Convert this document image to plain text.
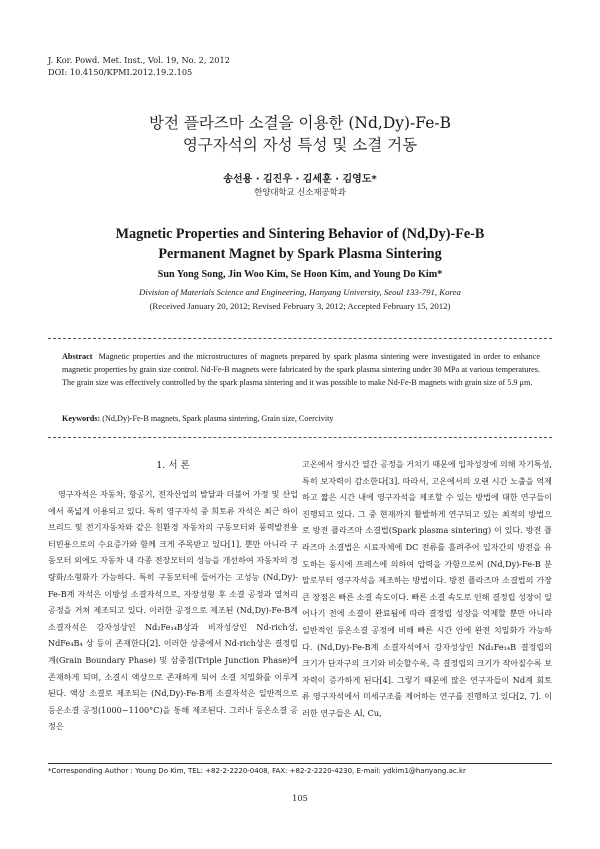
J. Kor. Powd. Met. Inst., Vol. 19, No. 2, 2012
DOI: 10.4150/KPMI.2012.19.2.105
방전 플라즈마 소결을 이용한 (Nd,Dy)-Fe-B
영구자석의 자성 특성 및 소결 거동
송선용 · 김진우 · 김세훈 · 김영도*
한양대학교 신소재공학과
Magnetic Properties and Sintering Behavior of (Nd,Dy)-Fe-B
Permanent Magnet by Spark Plasma Sintering
Sun Yong Song, Jin Woo Kim, Se Hoon Kim, and Young Do Kim*
Division of Materials Science and Engineering, Hanyang University, Seoul 133-791, Korea
(Received January 20, 2012; Revised February 3, 2012; Accepted February 15, 2012)
Abstract Magnetic properties and the microstructures of magnets prepared by spark plasma sintering were investigated in order to enhance magnetic properties by grain size control. Nd-Fe-B magnets were fabricated by the spark plasma sintering under 30 MPa at various temperatures. The grain size was effectively controlled by the spark plasma sintering and it was possible to make Nd-Fe-B magnets with grain size of 5.9 μm.
Keywords: (Nd,Dy)-Fe-B magnets, Spark plasma sintering, Grain size, Coercivity
1. 서 론

영구자석은 자동차, 항공기, 전자산업의 발달과 더불어 가정 및 산업에서 폭넓게 이용되고 있다. 특히 영구자석 중 희토류 자석은 최근 하이브리드 및 전기자동차와 같은 친환경 자동차의 구동모터와 풍력발전용 터빈용으로의 수요증가와 함께 크게 주목받고 있다[1]. 뿐만 아니라 구동모터 외에도 자동차 내 각종 전장모터의 성능을 개선하여 자동차의 경량화/소형화가 가능하다. 특히 구동모터에 들어가는 고성능 (Nd,Dy)-Fe-B계 자석은 이방성 소결자석으로, 자장성형 후 소결 공정과 열처리 공정을 거쳐 제조되고 있다. 이러한 공정으로 제조된 (Nd,Dy)-Fe-B계 소결자석은 강자성상인 Nd₂Fe₁₄B상과 비자성상인 Nd-rich상, NdFe₄B₄ 상 등이 존재한다[2]. 이러한 상중에서 Nd-rich상은 결정립계(Grain Boundary Phase) 및 삼중점(Triple Junction Phase)에 존재하게 되며, 소결시 액상으로 존재하게 되어 소결 치밀화를 이루게 된다. 액상 소결로 제조되는 (Nd,Dy)-Fe-B계 소결자석은 일반적으로 등온소결 공정(1000~1100°C)을 통해 제조된다. 그러나 등온소결 공정은

고온에서 장시간 열간 공정을 거치기 때문에 입자성장에 의해 자기특성, 특히 보자력이 감소한다[3]. 따라서, 고온에서의 오랜 시간 노출을 억제하고 짧은 시간 내에 영구자석을 제조할 수 있는 방법에 대한 연구들이 진행되고 있다. 그 중 현재까지 활발하게 연구되고 있는 최적의 방법으로 방전 플라즈마 소결법(Spark plasma sintering) 이 있다. 방전 플라즈마 소결법은 시료자체에 DC 전류를 흘려주어 입자간의 방전을 유도하는 동시에 프레스에 의하여 압력을 가함으로써 (Nd,Dy)-Fe-B 분말로부터 영구자석을 제조하는 방법이다. 방전 플라즈마 소결법의 가장 큰 장점은 빠른 소결 속도이다. 빠른 소결 속도로 인해 결정립 성장이 일어나기 전에 소결이 완료됨에 따라 결정립 성장을 억제할 뿐만 아니라 일반적인 등온소결 공정에 비해 빠른 시간 안에 완전 치밀화가 가능하다. (Nd,Dy)-Fe-B계 소결자석에서 강자성상인 Nd₂Fe₁₄B 결정립의 크기가 단자구의 크기와 비슷할수록, 즉 결정립의 크기가 작아질수록 보자력이 증가하게 된다[4]. 그렇기 때문에 많은 연구자들이 Nd계 회토류 영구자석에서 미세구조를 제어하는 연구를 진행하고 있다[2, 7]. 이러한 연구들은 Al, Cu,

*Corresponding Author : Young Do Kim, TEL: +82-2-2220-0408, FAX: +82-2-2220-4230, E-mail: ydkim1@hanyang.ac.kr
105
